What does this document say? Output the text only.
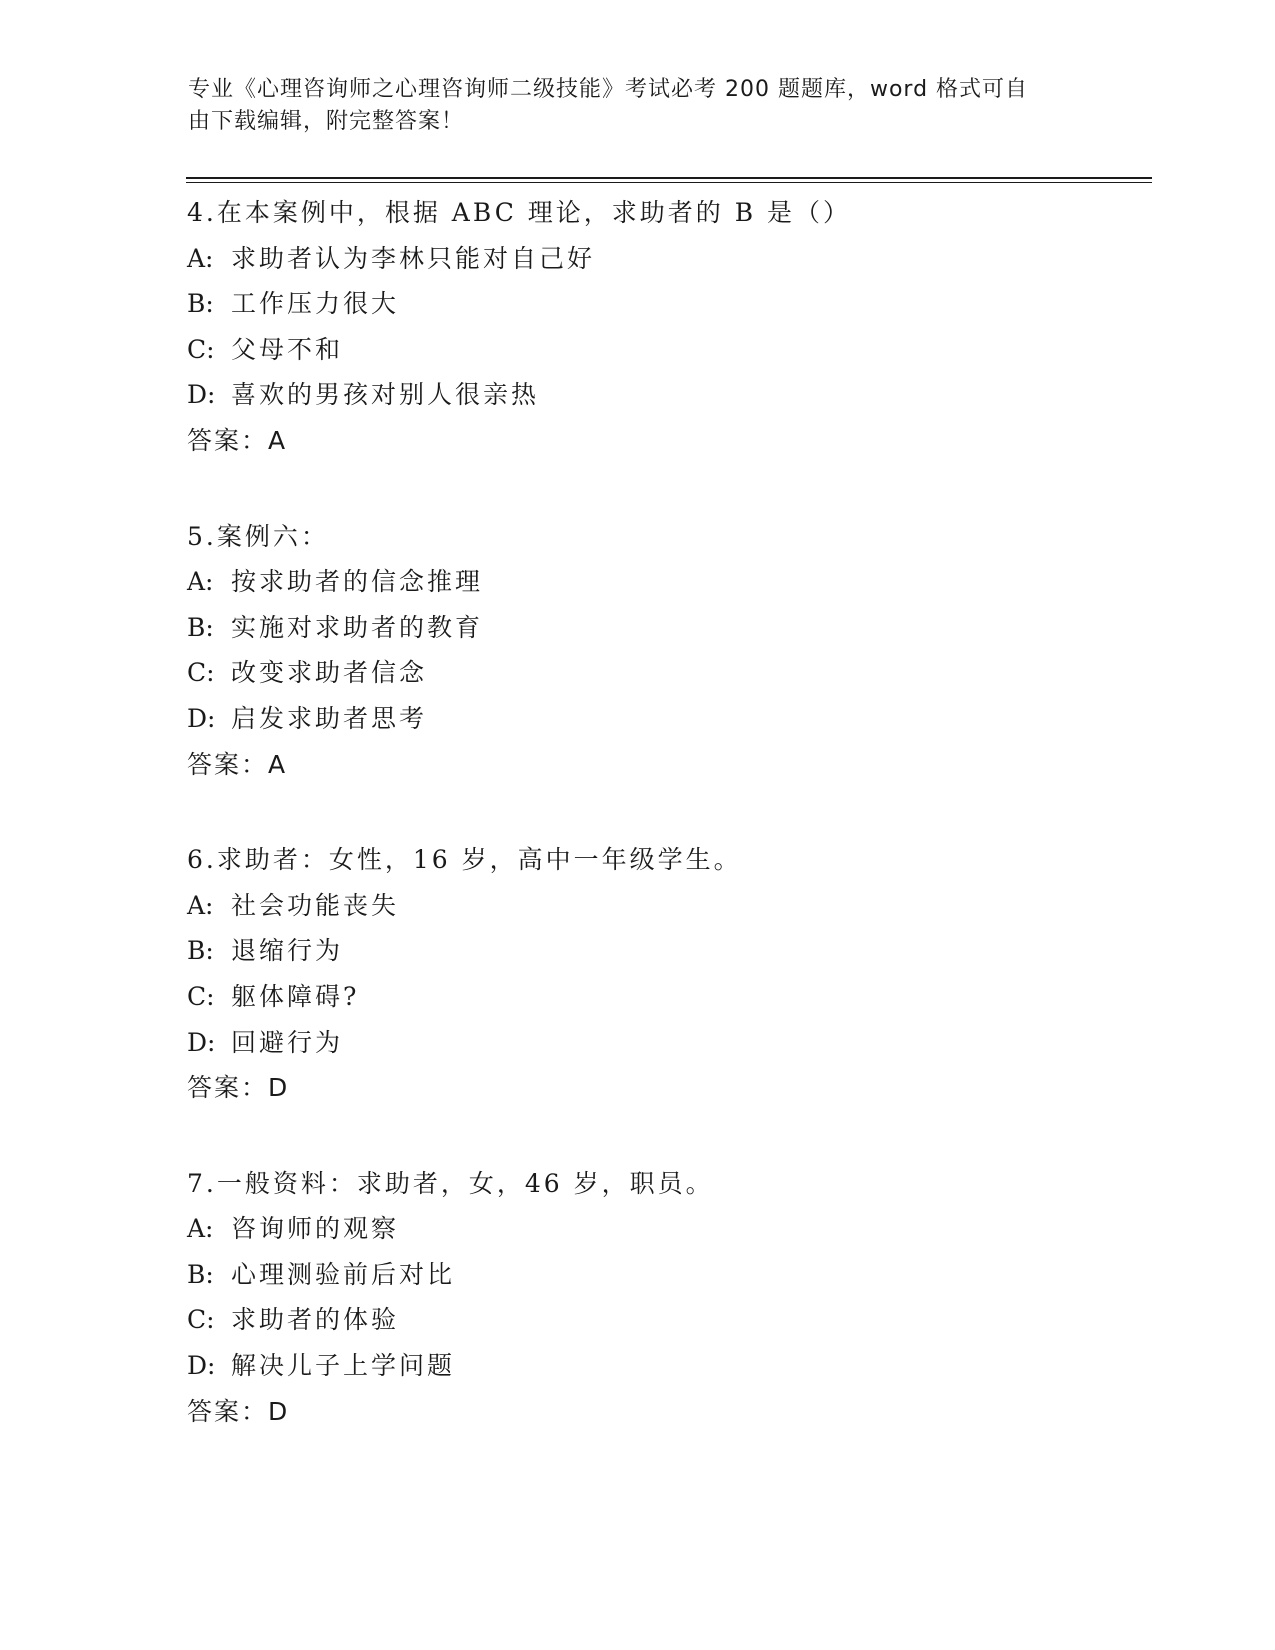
专业《心理咨询师之心理咨询师二级技能》考试必考 200 题题库，word 格式可自
由下载编辑，附完整答案！
4.在本案例中，根据 ABC 理论，求助者的 B 是（）
A: 求助者认为李林只能对自己好
B: 工作压力很大
C: 父母不和
D: 喜欢的男孩对别人很亲热
答案：A
5.案例六：
A: 按求助者的信念推理
B: 实施对求助者的教育
C: 改变求助者信念
D: 启发求助者思考
答案：A
6.求助者：女性，16 岁，高中一年级学生。
A: 社会功能丧失
B: 退缩行为
C: 躯体障碍?
D: 回避行为
答案：D
7.一般资料：求助者，女，46 岁，职员。
A: 咨询师的观察
B: 心理测验前后对比
C: 求助者的体验
D: 解决儿子上学问题
答案：D
